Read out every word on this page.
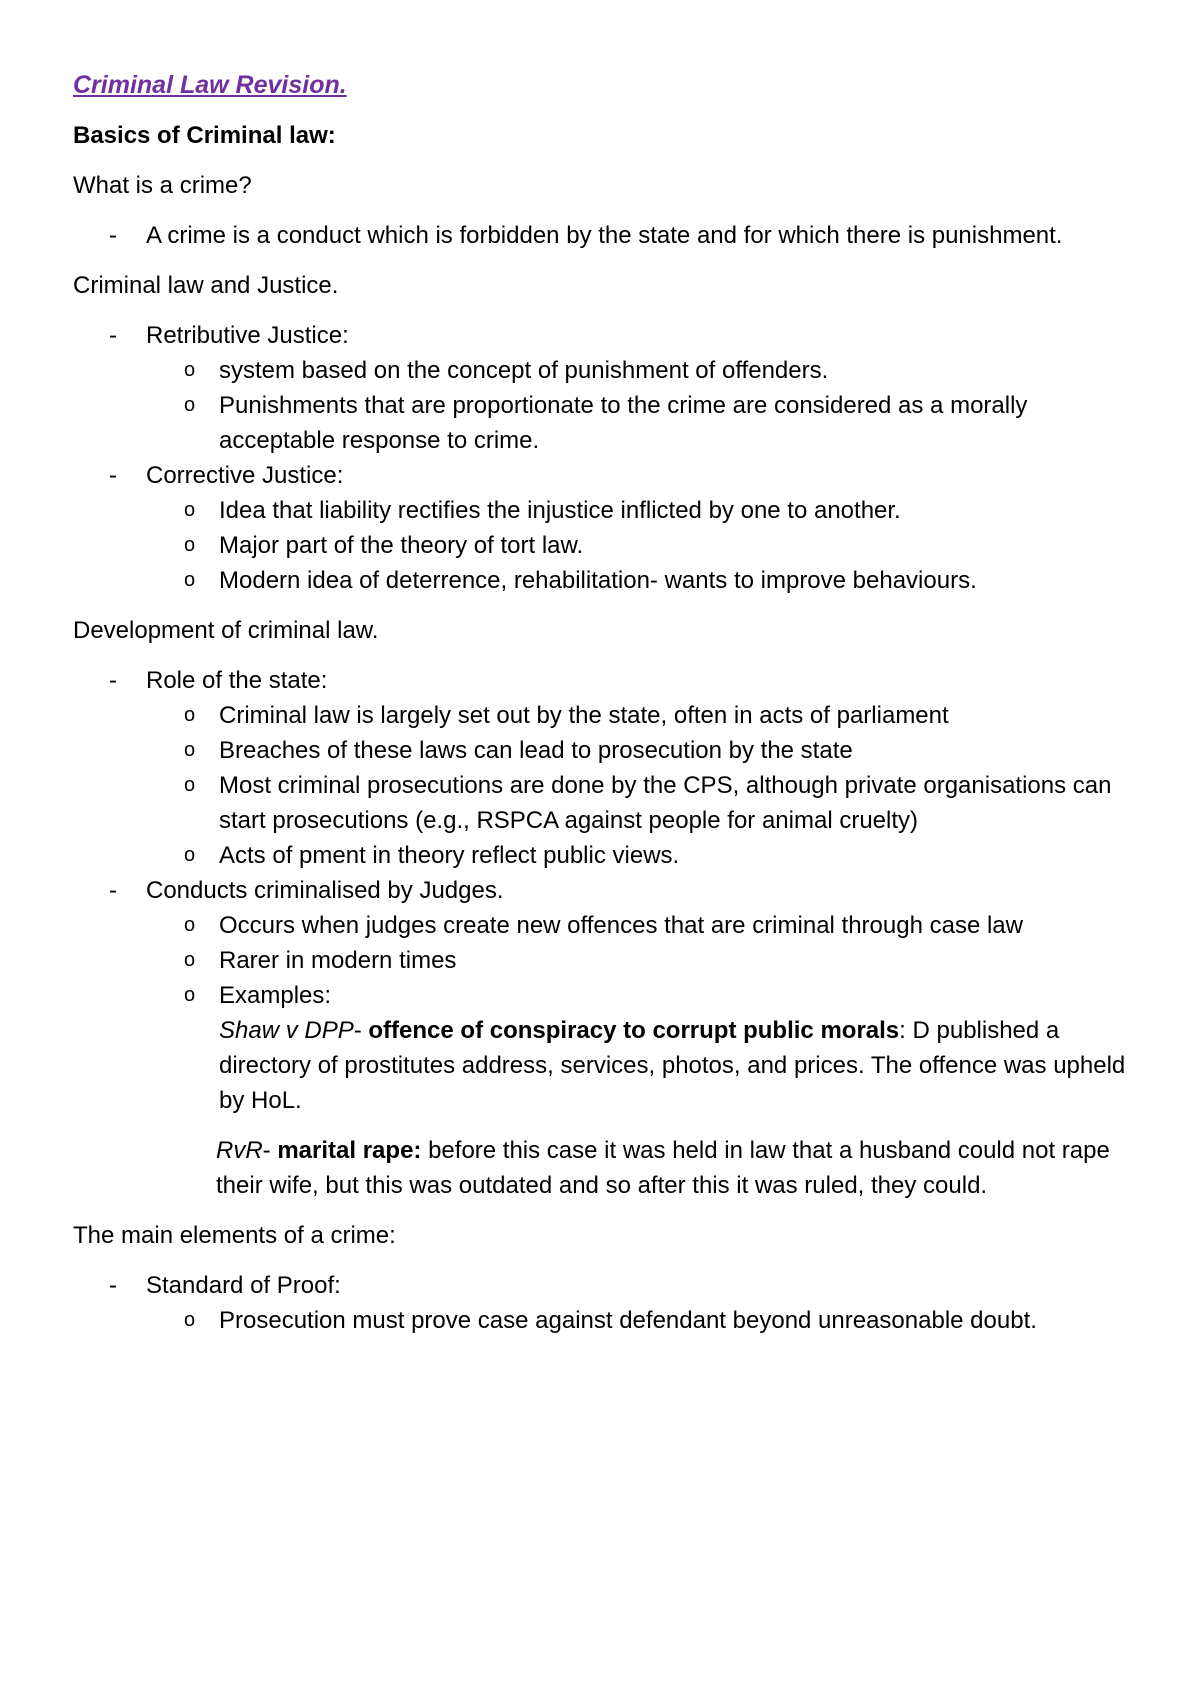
Criminal Law Revision.
Basics of Criminal law:
What is a crime?
- A crime is a conduct which is forbidden by the state and for which there is punishment.
Criminal law and Justice.
- Retributive Justice:
o system based on the concept of punishment of offenders.
o Punishments that are proportionate to the crime are considered as a morally acceptable response to crime.
- Corrective Justice:
o Idea that liability rectifies the injustice inflicted by one to another.
o Major part of the theory of tort law.
o Modern idea of deterrence, rehabilitation- wants to improve behaviours.
Development of criminal law.
- Role of the state:
o Criminal law is largely set out by the state, often in acts of parliament
o Breaches of these laws can lead to prosecution by the state
o Most criminal prosecutions are done by the CPS, although private organisations can start prosecutions (e.g., RSPCA against people for animal cruelty)
o Acts of pment in theory reflect public views.
- Conducts criminalised by Judges.
o Occurs when judges create new offences that are criminal through case law
o Rarer in modern times
o Examples:
Shaw v DPP- offence of conspiracy to corrupt public morals: D published a directory of prostitutes address, services, photos, and prices. The offence was upheld by HoL.
RvR- marital rape: before this case it was held in law that a husband could not rape their wife, but this was outdated and so after this it was ruled, they could.
The main elements of a crime:
- Standard of Proof:
o Prosecution must prove case against defendant beyond unreasonable doubt.
